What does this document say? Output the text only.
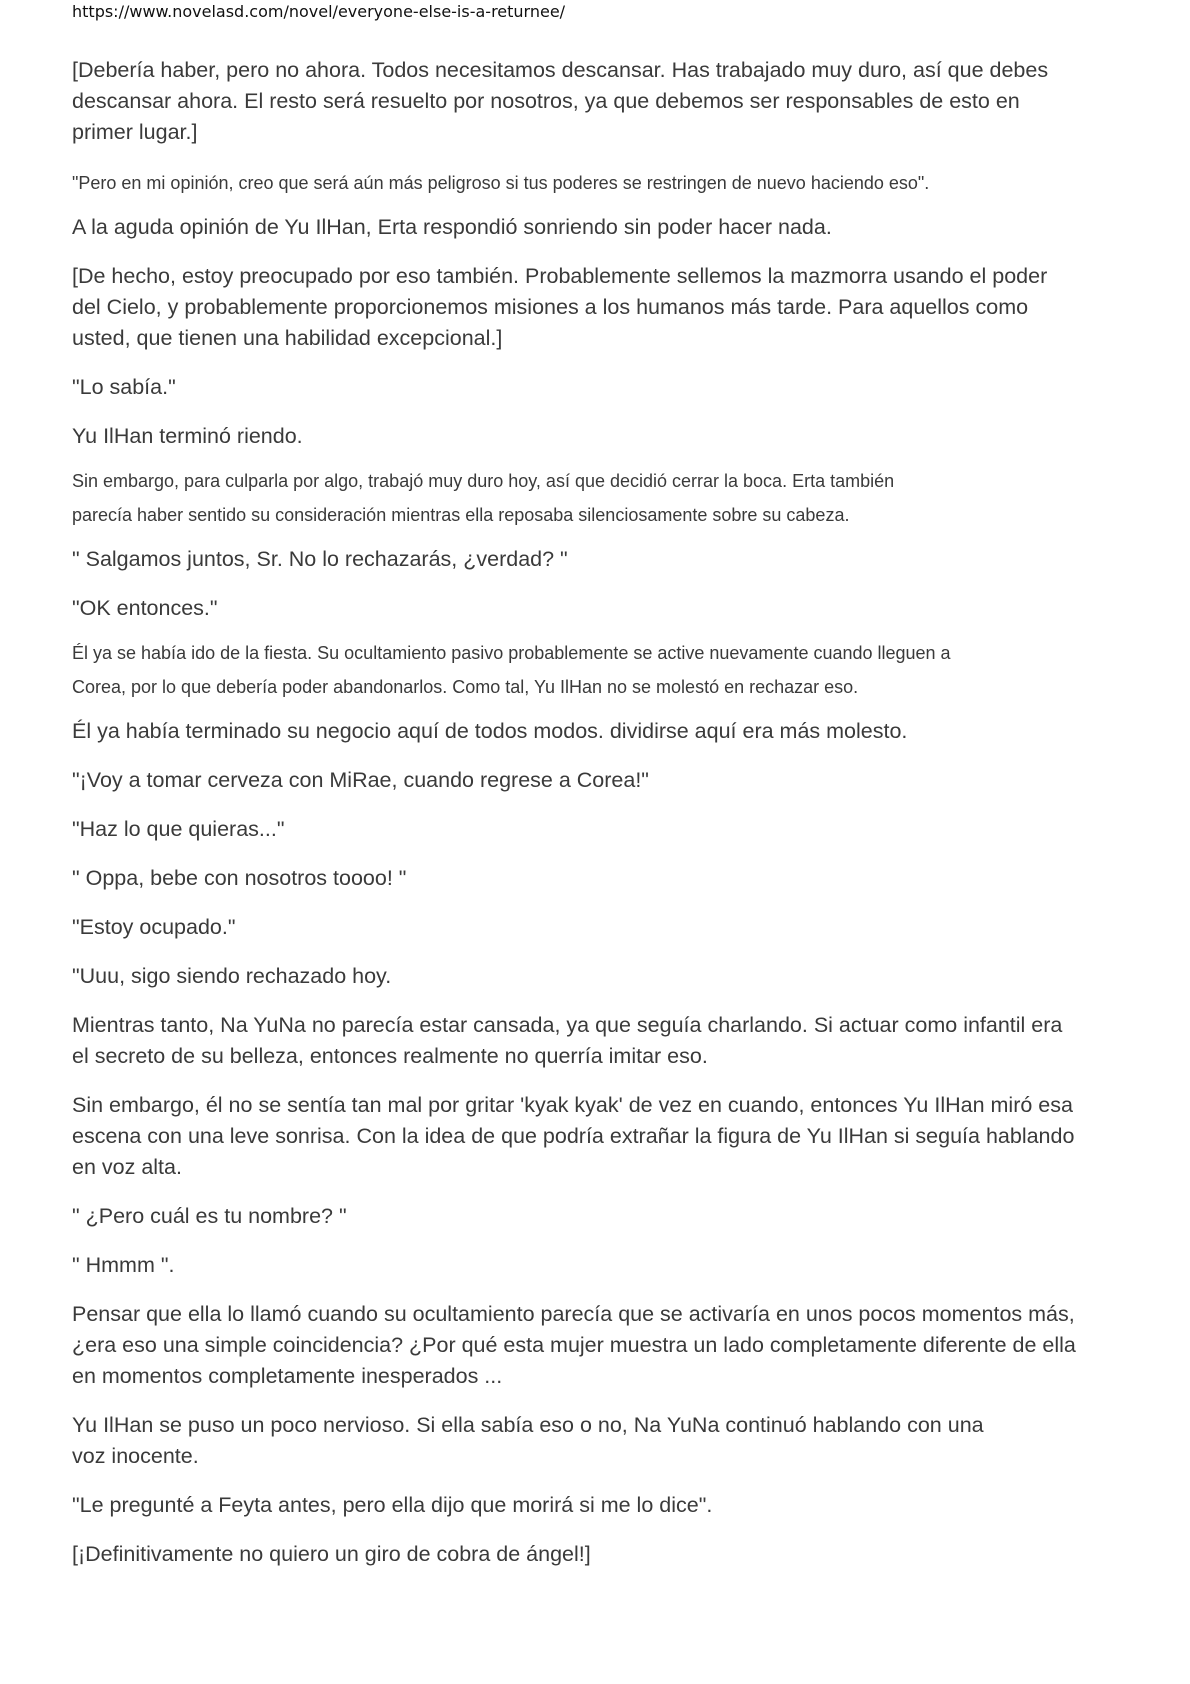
https://www.novelasd.com/novel/everyone-else-is-a-returnee/

[Debería haber, pero no ahora. Todos necesitamos descansar. Has trabajado muy duro, así que debes
descansar ahora. El resto será resuelto por nosotros, ya que debemos ser responsables de esto en
primer lugar.]

"Pero en mi opinión, creo que será aún más peligroso si tus poderes se restringen de nuevo haciendo eso".

A la aguda opinión de Yu IlHan, Erta respondió sonriendo sin poder hacer nada.

[De hecho, estoy preocupado por eso también. Probablemente sellemos la mazmorra usando el poder
del Cielo, y probablemente proporcionemos misiones a los humanos más tarde. Para aquellos como
usted, que tienen una habilidad excepcional.]

"Lo sabía."

Yu IlHan terminó riendo.

Sin embargo, para culparla por algo, trabajó muy duro hoy, así que decidió cerrar la boca. Erta también
parecía haber sentido su consideración mientras ella reposaba silenciosamente sobre su cabeza.

" Salgamos juntos, Sr. No lo rechazarás, ¿verdad? "

"OK entonces."

Él ya se había ido de la fiesta. Su ocultamiento pasivo probablemente se active nuevamente cuando lleguen a
Corea, por lo que debería poder abandonarlos. Como tal, Yu IlHan no se molestó en rechazar eso.

Él ya había terminado su negocio aquí de todos modos. dividirse aquí era más molesto.

"¡Voy a tomar cerveza con MiRae, cuando regrese a Corea!"

"Haz lo que quieras..."

" Oppa, bebe con nosotros toooo! "

"Estoy ocupado."

"Uuu, sigo siendo rechazado hoy.

Mientras tanto, Na YuNa no parecía estar cansada, ya que seguía charlando. Si actuar como infantil era
el secreto de su belleza, entonces realmente no querría imitar eso.

Sin embargo, él no se sentía tan mal por gritar 'kyak kyak' de vez en cuando, entonces Yu IlHan miró esa
escena con una leve sonrisa. Con la idea de que podría extrañar la figura de Yu IlHan si seguía hablando
en voz alta.

" ¿Pero cuál es tu nombre? "

" Hmmm ".

Pensar que ella lo llamó cuando su ocultamiento parecía que se activaría en unos pocos momentos más,
¿era eso una simple coincidencia? ¿Por qué esta mujer muestra un lado completamente diferente de ella
en momentos completamente inesperados ...

Yu IlHan se puso un poco nervioso. Si ella sabía eso o no, Na YuNa continuó hablando con una
voz inocente.

"Le pregunté a Feyta antes, pero ella dijo que morirá si me lo dice".

[¡Definitivamente no quiero un giro de cobra de ángel!]
